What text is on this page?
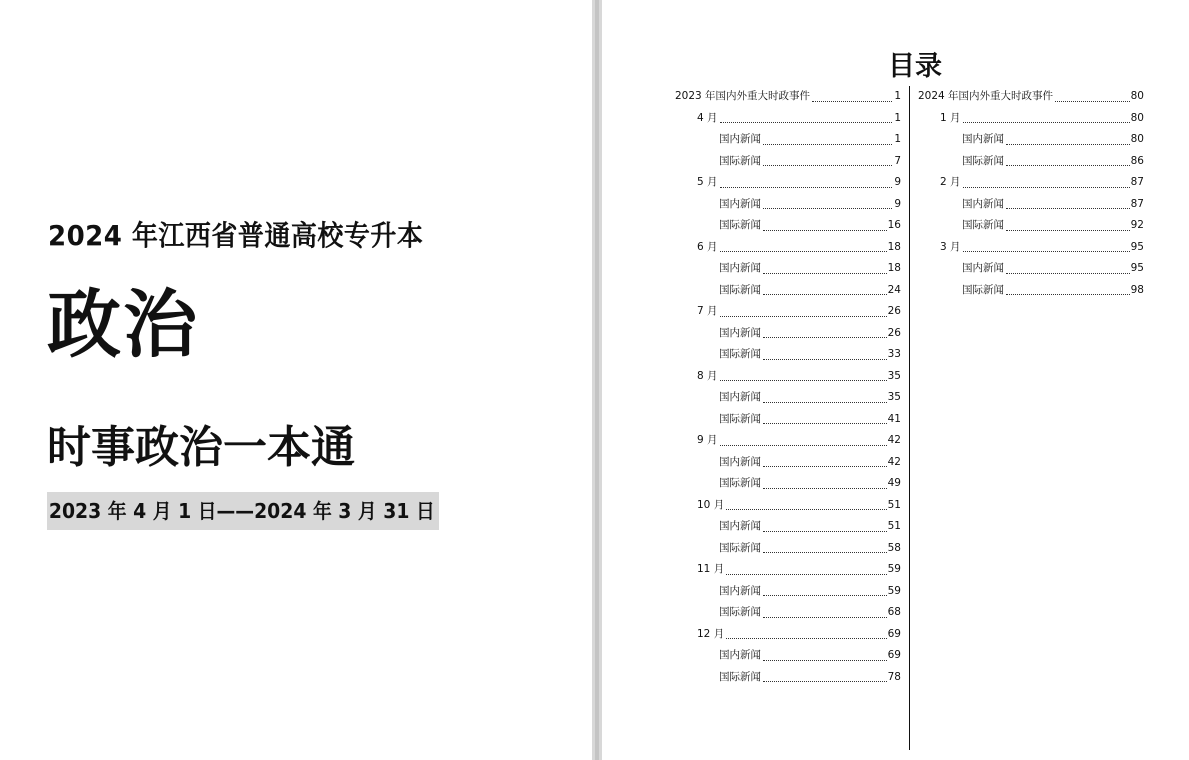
2024 年江西省普通高校专升本
政治
时事政治一本通
2023 年 4 月 1 日——2024 年 3 月 31 日
目录
2023 年国内外重大时政事件	1
4 月	1
国内新闻	1
国际新闻	7
5 月	9
国内新闻	9
国际新闻	16
6 月	18
国内新闻	18
国际新闻	24
7 月	26
国内新闻	26
国际新闻	33
8 月	35
国内新闻	35
国际新闻	41
9 月	42
国内新闻	42
国际新闻	49
10 月	51
国内新闻	51
国际新闻	58
11 月	59
国内新闻	59
国际新闻	68
12 月	69
国内新闻	69
国际新闻	78
2024 年国内外重大时政事件	80
1 月	80
国内新闻	80
国际新闻	86
2 月	87
国内新闻	87
国际新闻	92
3 月	95
国内新闻	95
国际新闻	98
